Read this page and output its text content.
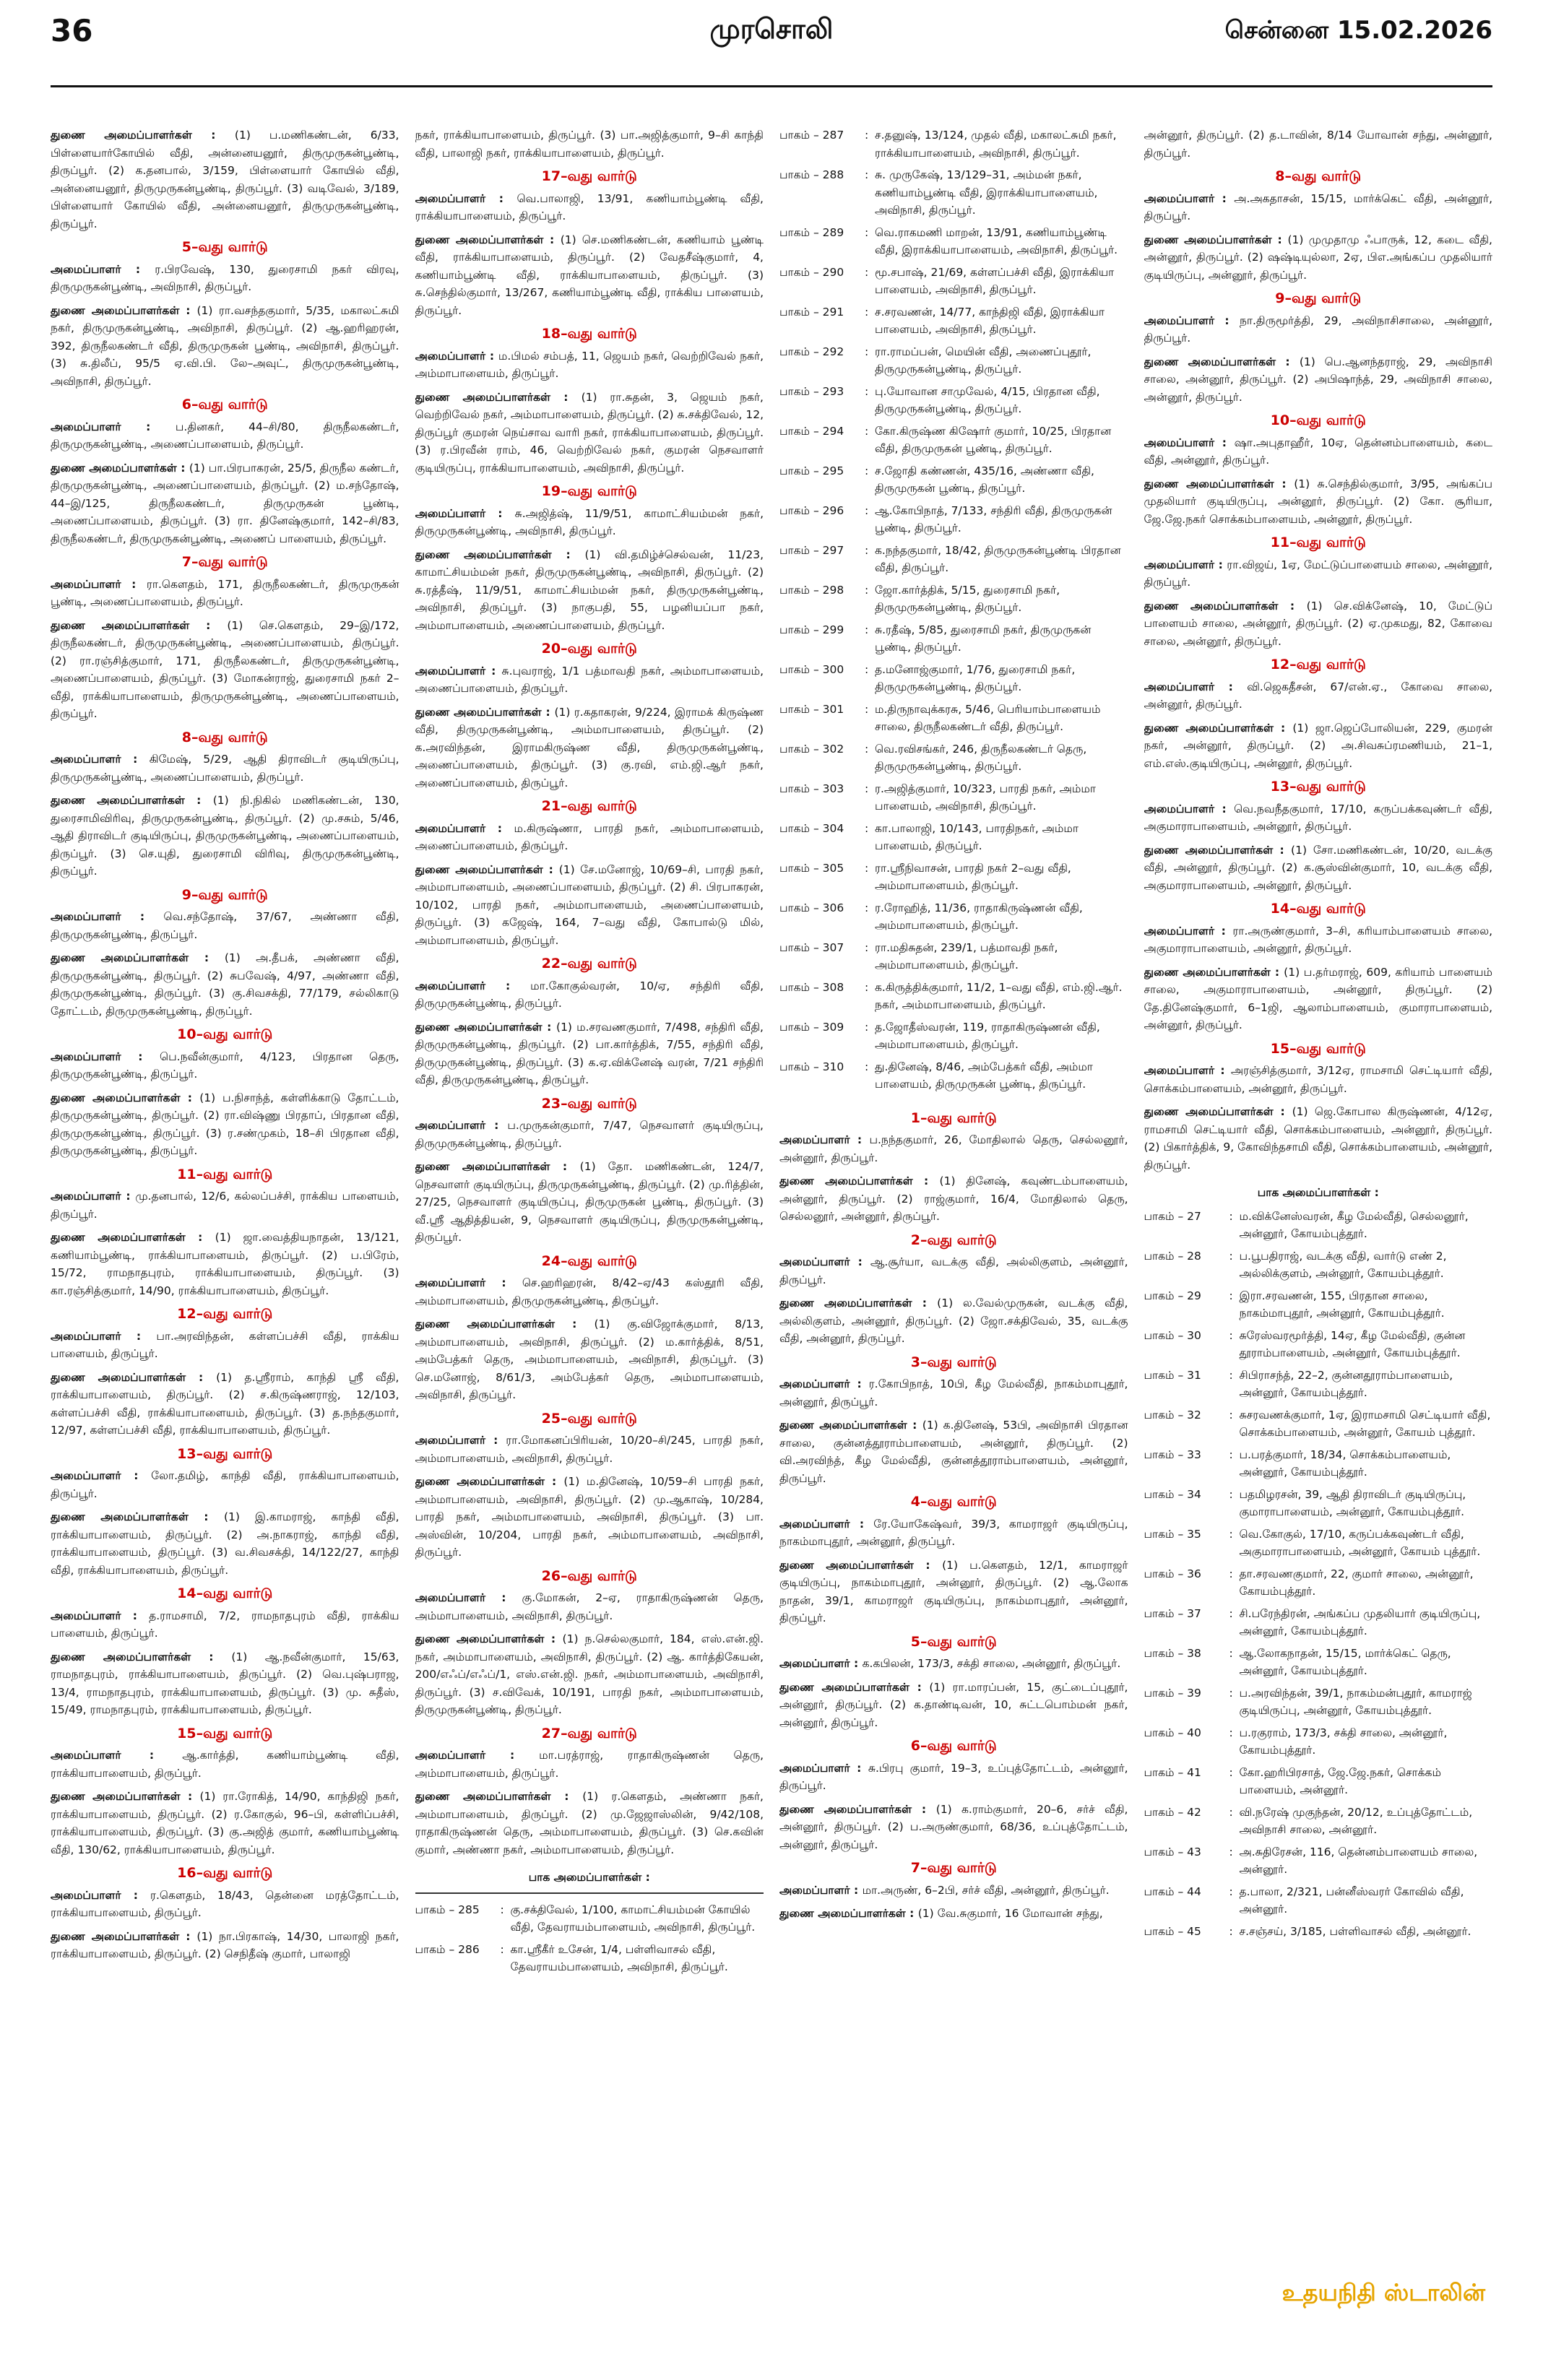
36	முரசொலி	சென்னை 15.02.2026

துணை அமைப்பாளர்கள் : (1) ப.மணிகண்டன், 6/33, பிள்ளையார்கோயில் வீதி, அன்னையனூர், திருமுருகன்பூண்டி, திருப்பூர். (2) க.தனபால், 3/159, பிள்ளையார் கோயில் வீதி, அன்னையனூர், திருமுருகன்பூண்டி, திருப்பூர். (3) வடிவேல், 3/189, பிள்ளையார் கோயில் வீதி, அன்னையனூர், திருமுருகன்பூண்டி, திருப்பூர்.

5–வது வார்டு

அமைப்பாளர் : ர.பிரவேஷ், 130, துரைசாமி நகர் விரவு, திருமுருகன்பூண்டி, அவிநாசி, திருப்பூர்.

துணை அமைப்பாளர்கள் : (1) ரா.வசந்தகுமார், 5/35, மகாலட்சுமி நகர், திருமுருகன்பூண்டி, அவிநாசி, திருப்பூர். (2) ஆ.ஹரிஹரன், 392, திருநீலகண்டர் வீதி, திருமுருகன் பூண்டி, அவிநாசி, திருப்பூர். (3) சு.திலீப், 95/5 ஏ.வி.பி. லே–அவுட், திருமுருகன்பூண்டி, அவிநாசி, திருப்பூர்.

6–வது வார்டு

அமைப்பாளர் : ப.தினகர், 44–சி/80, திருநீலகண்டர், திருமுருகன்பூண்டி, அணைப்பாளையம், திருப்பூர்.

துணை அமைப்பாளர்கள் : (1) பா.பிரபாகரன், 25/5, திருநீல கண்டர், திருமுருகன்பூண்டி, அணைப்பாளையம், திருப்பூர். (2) ம.சந்தோஷ், 44–இ/125, திருநீலகண்டர், திருமுருகன் பூண்டி, அணைப்பாளையம், திருப்பூர். (3) ரா. தினேஷ்குமார், 142–சி/83, திருநீலகண்டர், திருமுருகன்பூண்டி, அணைப் பாளையம், திருப்பூர்.

7–வது வார்டு

அமைப்பாளர் : ரா.கௌதம், 171, திருநீலகண்டர், திருமுருகன் பூண்டி, அணைப்பாளையம், திருப்பூர்.

துணை அமைப்பாளர்கள் : (1) செ.கௌதம், 29–இ/172, திருநீலகண்டர், திருமுருகன்பூண்டி, அணைப்பாளையம், திருப்பூர். (2) ரா.ரஞ்சித்குமார், 171, திருநீலகண்டர், திருமுருகன்பூண்டி, அணைப்பாளையம், திருப்பூர். (3) மோகன்ராஜ், துரைசாமி நகர் 2–வீதி, ராக்கியாபாளையம், திருமுருகன்பூண்டி, அணைப்பாளையம், திருப்பூர்.

8–வது வார்டு

அமைப்பாளர் : கிமேஷ், 5/29, ஆதி திராவிடர் குடியிருப்பு, திருமுருகன்பூண்டி, அணைப்பாளையம், திருப்பூர்.

துணை அமைப்பாளர்கள் : (1) நி.நிகில் மணிகண்டன், 130, துரைசாமிவிரிவு, திருமுருகன்பூண்டி, திருப்பூர். (2) மு.சசும், 5/46, ஆதி திராவிடர் குடியிருப்பு, திருமுருகன்பூண்டி, அணைப்பாளையம், திருப்பூர். (3) செ.யுதி, துரைசாமி விரிவு, திருமுருகன்பூண்டி, திருப்பூர்.

9–வது வார்டு

அமைப்பாளர் : வெ.சந்தோஷ், 37/67, அண்ணா வீதி, திருமுருகன்பூண்டி, திருப்பூர்.

துணை அமைப்பாளர்கள் : (1) அ.தீபக், அண்ணா வீதி, திருமுருகன்பூண்டி, திருப்பூர். (2) சுபவேஷ், 4/97, அண்ணா வீதி, திருமுருகன்பூண்டி, திருப்பூர். (3) கு.சிவசக்தி, 77/179, சல்லிகாடு தோட்டம், திருமுருகன்பூண்டி, திருப்பூர்.

10–வது வார்டு

அமைப்பாளர் : பெ.நவீன்குமார், 4/123, பிரதான தெரு, திருமுருகன்பூண்டி, திருப்பூர்.

துணை அமைப்பாளர்கள் : (1) ப.நிசாந்த், கள்ளிக்காடு தோட்டம், திருமுருகன்பூண்டி, திருப்பூர். (2) ரா.விஷ்ணு பிரதாப், பிரதான வீதி, திருமுருகன்பூண்டி, திருப்பூர். (3) ர.சண்முகம், 18–சி பிரதான வீதி, திருமுருகன்பூண்டி, திருப்பூர்.

11–வது வார்டு

அமைப்பாளர் : மு.தனபால், 12/6, கல்லப்பச்சி, ராக்கிய பாளையம், திருப்பூர்.

துணை அமைப்பாளர்கள் : (1) ஜா.வைத்தியநாதன், 13/121, கணியாம்பூண்டி, ராக்கியாபாளையம், திருப்பூர். (2) ப.பிரேம், 15/72, ராமநாதபுரம், ராக்கியாபாளையம், திருப்பூர். (3) கா.ரஞ்சித்குமார், 14/90, ராக்கியாபாளையம், திருப்பூர்.

12–வது வார்டு

அமைப்பாளர் : பா.அரவிந்தன், கள்ளப்பச்சி வீதி, ராக்கிய பாளையம், திருப்பூர்.

துணை அமைப்பாளர்கள் : (1) த.ஸ்ரீராம், காந்தி ஸ்ரீ வீதி, ராக்கியாபாளையம், திருப்பூர். (2) ச.கிருஷ்ணராஜ், 12/103, கள்ளப்பச்சி வீதி, ராக்கியாபாளையம், திருப்பூர். (3) த.நந்தகுமார், 12/97, கள்ளப்பச்சி வீதி, ராக்கியாபாளையம், திருப்பூர்.

13–வது வார்டு

அமைப்பாளர் : லோ.தமிழ், காந்தி வீதி, ராக்கியாபாளையம், திருப்பூர்.

துணை அமைப்பாளர்கள் : (1) இ.காமராஜ், காந்தி வீதி, ராக்கியாபாளையம், திருப்பூர். (2) அ.நாகராஜ், காந்தி வீதி, ராக்கியாபாளையம், திருப்பூர். (3) வ.சிவசக்தி, 14/122/27, காந்தி வீதி, ராக்கியாபாளையம், திருப்பூர்.

14–வது வார்டு

அமைப்பாளர் : த.ராமசாமி, 7/2, ராமநாதபுரம் வீதி, ராக்கிய பாளையம், திருப்பூர்.

துணை அமைப்பாளர்கள் : (1) ஆ.நவீன்குமார், 15/63, ராமநாதபுரம், ராக்கியாபாளையம், திருப்பூர். (2) வெ.புஷ்பராஜ, 13/4, ராமநாதபுரம், ராக்கியாபாளையம், திருப்பூர். (3) மு. சுதீஸ், 15/49, ராமநாதபுரம், ராக்கியாபாளையம், திருப்பூர்.

15–வது வார்டு

அமைப்பாளர் : ஆ.கார்த்தி, கணியாம்பூண்டி வீதி, ராக்கியாபாளையம், திருப்பூர்.

துணை அமைப்பாளர்கள் : (1) ரா.ரோகித், 14/90, காந்திஜி நகர், ராக்கியாபாளையம், திருப்பூர். (2) ர.கோகுல், 96–பி, கள்ளிப்பச்சி, ராக்கியாபாளையம், திருப்பூர். (3) கு.அஜித் குமார், கணியாம்பூண்டி வீதி, 130/62, ராக்கியாபாளையம், திருப்பூர்.

16–வது வார்டு

அமைப்பாளர் : ர.கௌதம், 18/43, தென்னை மரத்தோட்டம், ராக்கியாபாளையம், திருப்பூர்.

துணை அமைப்பாளர்கள் : (1) நா.பிரகாஷ், 14/30, பாலாஜி நகர், ராக்கியாபாளையம், திருப்பூர். (2) செநிதீஷ் குமார், பாலாஜி

நகர், ராக்கியாபாளையம், திருப்பூர். (3) பா.அஜித்குமார், 9–சி காந்தி வீதி, பாலாஜி நகர், ராக்கியாபாளையம், திருப்பூர்.

17–வது வார்டு

அமைப்பாளர் : வெ.பாலாஜி, 13/91, கணியாம்பூண்டி வீதி, ராக்கியாபாளையம், திருப்பூர்.

துணை அமைப்பாளர்கள் : (1) செ.மணிகண்டன், கணியாம் பூண்டி வீதி, ராக்கியாபாளையம், திருப்பூர். (2) வேதசீஷ்குமார், 4, கணியாம்பூண்டி வீதி, ராக்கியாபாளையம், திருப்பூர். (3) சு.செந்தில்குமார், 13/267, கணியாம்பூண்டி வீதி, ராக்கிய பாளையம், திருப்பூர்.

18–வது வார்டு

அமைப்பாளர் : ம.பிமல் சம்பத், 11, ஜெயம் நகர், வெற்றிவேல் நகர், அம்மாபாளையம், திருப்பூர்.

துணை அமைப்பாளர்கள் : (1) ரா.சுதன், 3, ஜெயம் நகர், வெற்றிவேல் நகர், அம்மாபாளையம், திருப்பூர். (2) சு.சக்திவேல், 12, திருப்பூர் குமரன் நெய்சாவ வாரி நகர், ராக்கியாபாளையம், திருப்பூர். (3) ர.பிரவீன் ராம், 46, வெற்றிவேல் நகர், குமரன் நெசவாளர் குடியிருப்பு, ராக்கியாபாளையம், அவிநாசி, திருப்பூர்.

19–வது வார்டு

அமைப்பாளர் : சு.அஜித்ஷ், 11/9/51, காமாட்சியம்மன் நகர், திருமுருகன்பூண்டி, அவிநாசி, திருப்பூர்.

துணை அமைப்பாளர்கள் : (1) வி.தமிழ்ச்செல்வன், 11/23, காமாட்சியம்மன் நகர், திருமுருகன்பூண்டி, அவிநாசி, திருப்பூர். (2) சு.ரத்தீஷ், 11/9/51, காமாட்சியம்மன் நகர், திருமுருகன்பூண்டி, அவிநாசி, திருப்பூர். (3) நாகுபதி, 55, பழனியப்பா நகர், அம்மாபாளையம், அணைப்பாளையம், திருப்பூர்.

20–வது வார்டு

அமைப்பாளர் : சு.புவராஜ், 1/1 பத்மாவதி நகர், அம்மாபாளையம், அணைப்பாளையம், திருப்பூர்.

துணை அமைப்பாளர்கள் : (1) ர.கதாகரன், 9/224, இராமக் கிருஷ்ண வீதி, திருமுருகன்பூண்டி, அம்மாபாளையம், திருப்பூர். (2) க.அரவிந்தன், இராமகிருஷ்ண வீதி, திருமுருகன்பூண்டி, அணைப்பாளையம், திருப்பூர். (3) கு.ரவி, எம்.ஜி.ஆர் நகர், அணைப்பாளையம், திருப்பூர்.

21–வது வார்டு

அமைப்பாளர் : ம.கிருஷ்ணா, பாரதி நகர், அம்மாபாளையம், அணைப்பாளையம், திருப்பூர்.

துணை அமைப்பாளர்கள் : (1) சே.மனோஜ், 10/69–சி, பாரதி நகர், அம்மாபாளையம், அணைப்பாளையம், திருப்பூர். (2) சி. பிரபாகரன், 10/102, பாரதி நகர், அம்மாபாளையம், அணைப்பாளையம், திருப்பூர். (3) கஜேஷ், 164, 7–வது வீதி, கோபால்டு மில், அம்மாபாளையம், திருப்பூர்.

22–வது வார்டு

அமைப்பாளர் : மா.கோகுல்வரன், 10/ஏ, சந்திரி வீதி, திருமுருகன்பூண்டி, திருப்பூர்.

துணை அமைப்பாளர்கள் : (1) ம.சரவணகுமார், 7/498, சந்திரி வீதி, திருமுருகன்பூண்டி, திருப்பூர். (2) பா.கார்த்திக், 7/55, சந்திரி வீதி, திருமுருகன்பூண்டி, திருப்பூர். (3) க.ஏ.விக்னேஷ் வரன், 7/21 சந்திரி வீதி, திருமுருகன்பூண்டி, திருப்பூர்.

23–வது வார்டு

அமைப்பாளர் : ப.முருகன்குமார், 7/47, நெசவாளர் குடியிருப்பு, திருமுருகன்பூண்டி, திருப்பூர்.

துணை அமைப்பாளர்கள் : (1) தோ. மணிகண்டன், 124/7, நெசவாளர் குடியிருப்பு, திருமுருகன்பூண்டி, திருப்பூர். (2) மு.ரித்தின், 27/25, நெசவாளர் குடியிருப்பு, திருமுருகன் பூண்டி, திருப்பூர். (3) வீ.ஸ்ரீ ஆதித்தியன், 9, நெசவாளர் குடியிருப்பு, திருமுருகன்பூண்டி, திருப்பூர்.

24–வது வார்டு

அமைப்பாளர் : செ.ஹரிஹரன், 8/42–ஏ/43 கஸ்தூரி வீதி, அம்மாபாளையம், திருமுருகன்பூண்டி, திருப்பூர்.

துணை அமைப்பாளர்கள் : (1) கு.விஜோக்குமார், 8/13, அம்மாபாளையம், அவிநாசி, திருப்பூர். (2) ம.கார்த்திக், 8/51, அம்பேத்கர் தெரு, அம்மாபாளையம், அவிநாசி, திருப்பூர். (3) செ.மனோஜ், 8/61/3, அம்பேத்கர் தெரு, அம்மாபாளையம், அவிநாசி, திருப்பூர்.

25–வது வார்டு

அமைப்பாளர் : ரா.மோகனப்பிரியன், 10/20–சி/245, பாரதி நகர், அம்மாபாளையம், அவிநாசி, திருப்பூர்.

துணை அமைப்பாளர்கள் : (1) ம.தினேஷ், 10/59–சி பாரதி நகர், அம்மாபாளையம், அவிநாசி, திருப்பூர். (2) மு.ஆகாஷ், 10/284, பாரதி நகர், அம்மாபாளையம், அவிநாசி, திருப்பூர். (3) பா. அஸ்வின், 10/204, பாரதி நகர், அம்மாபாளையம், அவிநாசி, திருப்பூர்.

26–வது வார்டு

அமைப்பாளர் : கு.மோகன், 2–ஏ, ராதாகிருஷ்ணன் தெரு, அம்மாபாளையம், அவிநாசி, திருப்பூர்.

துணை அமைப்பாளர்கள் : (1) ந.செல்லகுமார், 184, எஸ்.என்.ஜி. நகர், அம்மாபாளையம், அவிநாசி, திருப்பூர். (2) ஆ. கார்த்திகேயன், 200/எஃப்/எஃப்/1, எஸ்.என்.ஜி. நகர், அம்மாபாளையம், அவிநாசி, திருப்பூர். (3) ச.விவேக், 10/191, பாரதி நகர், அம்மாபாளையம், திருமுருகன்பூண்டி, திருப்பூர்.

27–வது வார்டு

அமைப்பாளர் : மா.பரத்ராஜ், ராதாகிருஷ்ணன் தெரு, அம்மாபாளையம், திருப்பூர்.

துணை அமைப்பாளர்கள் : (1) ர.கௌதம், அண்ணா நகர், அம்மாபாளையம், திருப்பூர். (2) மு.ஜேஜாஸ்லின், 9/42/108, ராதாகிருஷ்ணன் தெரு, அம்மாபாளையம், திருப்பூர். (3) செ.கவின் குமார், அண்ணா நகர், அம்மாபாளையம், திருப்பூர்.

பாக அமைப்பாளர்கள் :
பாகம் – 285	: கு.சக்திவேல், 1/100, காமாட்சியம்மன் கோயில் வீதி, தேவராயம்பாளையம், அவிநாசி, திருப்பூர்.
பாகம் – 286	: கா.ஸ்ரீகீர் உசேன், 1/4, பள்ளிவாசல் வீதி, தேவராயம்பாளையம், அவிநாசி, திருப்பூர்.
பாகம் – 287	: ச.தனுஷ், 13/124, முதல் வீதி, மகாலட்சுமி நகர், ராக்கியாபாளையம், அவிநாசி, திருப்பூர்.
பாகம் – 288	: சு. முருகேஷ், 13/129–31, அம்மன் நகர், கணியாம்பூண்டி வீதி, இராக்கியாபாளையம், அவிநாசி, திருப்பூர்.
பாகம் – 289	: வெ.ராகமணி மாறன், 13/91, கணியாம்பூண்டி வீதி, இராக்கியாபாளையம், அவிநாசி, திருப்பூர்.
பாகம் – 290	: மூ.சபாஷ், 21/69, கள்ளப்பச்சி வீதி, இராக்கியா பாளையம், அவிநாசி, திருப்பூர்.
பாகம் – 291	: ச.சரவணன், 14/77, காந்திஜி வீதி, இராக்கியா பாளையம், அவிநாசி, திருப்பூர்.
பாகம் – 292	: ரா.ராமப்பன், மெயின் வீதி, அணைப்புதூர், திருமுருகன்பூண்டி, திருப்பூர்.
பாகம் – 293	: பு.யோவான சாமுவேல், 4/15, பிரதான வீதி, திருமுருகன்பூண்டி, திருப்பூர்.
பாகம் – 294	: கோ.கிருஷ்ண கிஷோர் குமார், 10/25, பிரதான வீதி, திருமுருகன் பூண்டி, திருப்பூர்.
பாகம் – 295	: ச.ஜோதி கண்ணன், 435/16, அண்ணா வீதி, திருமுருகன் பூண்டி, திருப்பூர்.
பாகம் – 296	: ஆ.கோபிநாத், 7/133, சந்திரி வீதி, திருமுருகன் பூண்டி, திருப்பூர்.
பாகம் – 297	: க.நந்தகுமார், 18/42, திருமுருகன்பூண்டி பிரதான வீதி, திருப்பூர்.
பாகம் – 298	: ஜோ.கார்த்திக், 5/15, துரைசாமி நகர், திருமுருகன்பூண்டி, திருப்பூர்.
பாகம் – 299	: சு.ரதீஷ், 5/85, துரைசாமி நகர், திருமுருகன் பூண்டி, திருப்பூர்.
பாகம் – 300	: த.மனோஜ்குமார், 1/76, துரைசாமி நகர், திருமுருகன்பூண்டி, திருப்பூர்.
பாகம் – 301	: ம.திருநாவுக்கரசு, 5/46, பெரியாம்பாளையம் சாலை, திருநீலகண்டர் வீதி, திருப்பூர்.
பாகம் – 302	: வெ.ரவிசங்கர், 246, திருநீலகண்டர் தெரு, திருமுருகன்பூண்டி, திருப்பூர்.
பாகம் – 303	: ர.அஜித்குமார், 10/323, பாரதி நகர், அம்மா பாளையம், அவிநாசி, திருப்பூர்.
பாகம் – 304	: கா.பாலாஜி, 10/143, பாரதிநகர், அம்மா பாளையம், திருப்பூர்.
பாகம் – 305	: ரா.ஸ்ரீநிவாசன், பாரதி நகர் 2–வது வீதி, அம்மாபாளையம், திருப்பூர்.
பாகம் – 306	: ர.ரோஹித், 11/36, ராதாகிருஷ்ணன் வீதி, அம்மாபாளையம், திருப்பூர்.
பாகம் – 307	: ரா.மதிசுதன், 239/1, பத்மாவதி நகர், அம்மாபாளையம், திருப்பூர்.
பாகம் – 308	: க.கிருத்திக்குமார், 11/2, 1–வது வீதி, எம்.ஜி.ஆர். நகர், அம்மாபாளையம், திருப்பூர்.
பாகம் – 309	: த.ஜோதீஸ்வரன், 119, ராதாகிருஷ்ணன் வீதி, அம்மாபாளையம், திருப்பூர்.
பாகம் – 310	: து.தினேஷ், 8/46, அம்பேத்கர் வீதி, அம்மா பாளையம், திருமுருகன் பூண்டி, திருப்பூர்.
1–வது வார்டு

அமைப்பாளர் : ப.நந்தகுமார், 26, மோதிலால் தெரு, செல்லனூர், அன்னூர், திருப்பூர்.

துணை அமைப்பாளர்கள் : (1) தினேஷ், கவுண்டம்பாளையம், அன்னூர், திருப்பூர். (2) ராஜ்குமார், 16/4, மோதிலால் தெரு, செல்லனூர், அன்னூர், திருப்பூர்.

2–வது வார்டு

அமைப்பாளர் : ஆ.சூர்யா, வடக்கு வீதி, அல்லிகுளம், அன்னூர், திருப்பூர்.

துணை அமைப்பாளர்கள் : (1) ல.வேல்முருகன், வடக்கு வீதி, அல்லிகுளம், அன்னூர், திருப்பூர். (2) ஜோ.சக்திவேல், 35, வடக்கு வீதி, அன்னூர், திருப்பூர்.

3–வது வார்டு

அமைப்பாளர் : ர.கோபிநாத், 10பி, கீழ மேல்வீதி, நாகம்மாபுதூர், அன்னூர், திருப்பூர்.

துணை அமைப்பாளர்கள் : (1) க.தினேஷ், 53பி, அவிநாசி பிரதான சாலை, குன்னத்தூராம்பாளையம், அன்னூர், திருப்பூர். (2) வி.அரவிந்த், கீழ மேல்வீதி, குன்னத்தூராம்பாளையம், அன்னூர், திருப்பூர்.

4–வது வார்டு

அமைப்பாளர் : ரே.யோகேஷ்வர், 39/3, காமராஜர் குடியிருப்பு, நாகம்மாபுதூர், அன்னூர், திருப்பூர்.

துணை அமைப்பாளர்கள் : (1) ப.கௌதம், 12/1, காமராஜர் குடியிருப்பு, நாகம்மாபுதூர், அன்னூர், திருப்பூர். (2) ஆ.லோக நாதன், 39/1, காமராஜர் குடியிருப்பு, நாகம்மாபுதூர், அன்னூர், திருப்பூர்.

5–வது வார்டு

அமைப்பாளர் : க.கபிலன், 173/3, சக்தி சாலை, அன்னூர், திருப்பூர்.

துணை அமைப்பாளர்கள் : (1) ரா.மாரப்பன், 15, குட்டைப்புதூர், அன்னூர், திருப்பூர். (2) க.தாண்டிவன், 10, சுட்டபொம்மன் நகர், அன்னூர், திருப்பூர்.

6–வது வார்டு

அமைப்பாளர் : சு.பிரபு குமார், 19–3, உப்புத்தோட்டம், அன்னூர், திருப்பூர்.

துணை அமைப்பாளர்கள் : (1) க.ராம்குமார், 20–6, சர்ச் வீதி, அன்னூர், திருப்பூர். (2) ப.அருண்குமார், 68/36, உப்புத்தோட்டம், அன்னூர், திருப்பூர்.

7–வது வார்டு

அமைப்பாளர் : மா.அருண், 6–2பி, சர்ச் வீதி, அன்னூர், திருப்பூர்.

துணை அமைப்பாளர்கள் : (1) வே.சுகுமார், 16 மோவான் சந்து,

அன்னூர், திருப்பூர். (2) த.டாவின், 8/14 யோவான் சந்து, அன்னூர், திருப்பூர்.

8–வது வார்டு

அமைப்பாளர் : அ.அகதாசன், 15/15, மார்க்கெட் வீதி, அன்னூர், திருப்பூர்.

துணை அமைப்பாளர்கள் : (1) முமுதாமு ஃபாருக், 12, கடை வீதி, அன்னூர், திருப்பூர். (2) ஷஷ்டியுல்லா, 2ஏ, பிஎ.அங்கப்ப முதலியார் குடியிருப்பு, அன்னூர், திருப்பூர்.

9–வது வார்டு

அமைப்பாளர் : நா.திருமூர்த்தி, 29, அவிநாசிசாலை, அன்னூர், திருப்பூர்.

துணை அமைப்பாளர்கள் : (1) பெ.ஆனந்தராஜ், 29, அவிநாசி சாலை, அன்னூர், திருப்பூர். (2) அபிஷாந்த், 29, அவிநாசி சாலை, அன்னூர், திருப்பூர்.

10–வது வார்டு

அமைப்பாளர் : ஷா.அபுதாஹீர், 10ஏ, தென்னம்பாளையம், கடை வீதி, அன்னூர், திருப்பூர்.

துணை அமைப்பாளர்கள் : (1) சு.செந்தில்குமார், 3/95, அங்கப்ப முதலியார் குடியிருப்பு, அன்னூர், திருப்பூர். (2) கோ. சூரியா, ஜே.ஜே.நகர் சொக்கம்பாளையம், அன்னூர், திருப்பூர்.

11–வது வார்டு

அமைப்பாளர் : ரா.விஜய், 1ஏ, மேட்டுப்பாளையம் சாலை, அன்னூர், திருப்பூர்.

துணை அமைப்பாளர்கள் : (1) செ.விக்னேஷ், 10, மேட்டுப் பாளையம் சாலை, அன்னூர், திருப்பூர். (2) ஏ.முகமது, 82, கோவை சாலை, அன்னூர், திருப்பூர்.

12–வது வார்டு

அமைப்பாளர் : வி.ஜெகதீசன், 67/என்.ஏ., கோவை சாலை, அன்னூர், திருப்பூர்.

துணை அமைப்பாளர்கள் : (1) ஜா.ஜெப்போலியன், 229, குமரன் நகர், அன்னூர், திருப்பூர். (2) அ.சிவசுப்ரமணியம், 21–1, எம்.எஸ்.குடியிருப்பு, அன்னூர், திருப்பூர்.

13–வது வார்டு

அமைப்பாளர் : வெ.நவநீதகுமார், 17/10, கருப்பக்கவுண்டர் வீதி, அகுமாராபாளையம், அன்னூர், திருப்பூர்.

துணை அமைப்பாளர்கள் : (1) சோ.மணிகண்டன், 10/20, வடக்கு வீதி, அன்னூர், திருப்பூர். (2) க.சூஸ்வின்குமார், 10, வடக்கு வீதி, அகுமாராபாளையம், அன்னூர், திருப்பூர்.

14–வது வார்டு

அமைப்பாளர் : ரா.அருண்குமார், 3–சி, கரியாம்பாளையம் சாலை, அகுமாராபாளையம், அன்னூர், திருப்பூர்.

துணை அமைப்பாளர்கள் : (1) ப.தர்மராஜ், 609, கரியாம் பாளையம் சாலை, அகுமாராபாளையம், அன்னூர், திருப்பூர். (2) தே.தினேஷ்குமார், 6–1ஜி, ஆலாம்பாளையம், குமாராபாளையம், அன்னூர், திருப்பூர்.

15–வது வார்டு

அமைப்பாளர் : அரஞ்சித்குமார், 3/12ஏ, ராமசாமி செட்டியார் வீதி, சொக்கம்பாளையம், அன்னூர், திருப்பூர்.

துணை அமைப்பாளர்கள் : (1) ஜெ.கோபால கிருஷ்ணன், 4/12ஏ, ராமசாமி செட்டியார் வீதி, சொக்கம்பாளையம், அன்னூர், திருப்பூர். (2) பிகார்த்திக், 9, கோவிந்தசாமி வீதி, சொக்கம்பாளையம், அன்னூர், திருப்பூர்.

பாக அமைப்பாளர்கள் :
பாகம் – 27	: ம.விக்னேஸ்வரன், கீழ மேல்வீதி, செல்லனூர், அன்னூர், கோயம்புத்தூர்.
பாகம் – 28	: ப.பூபதிராஜ், வடக்கு வீதி, வார்டு எண் 2, அல்லிக்குளம், அன்னூர், கோயம்புத்தூர்.
பாகம் – 29	: இரா.சரவணன், 155, பிரதான சாலை, நாகம்மாபுதூர், அன்னூர், கோயம்புத்தூர்.
பாகம் – 30	: சுரேஸ்வரமூர்த்தி, 14ஏ, கீழ மேல்வீதி, குன்ன தூராம்பாளையம், அன்னூர், கோயம்புத்தூர்.
பாகம் – 31	: சிபிராசந்த், 22–2, குன்னதூராம்பாளையம், அன்னூர், கோயம்புத்தூர்.
பாகம் – 32	: சுசரவணக்குமார், 1ஏ, இராமசாமி செட்டியார் வீதி, சொக்கம்பாளையம், அன்னூர், கோயம் புத்தூர்.
பாகம் – 33	: ப.பரத்குமார், 18/34, சொக்கம்பாளையம், அன்னூர், கோயம்புத்தூர்.
பாகம் – 34	: பதமிழரசன், 39, ஆதி திராவிடர் குடியிருப்பு, குமாராபாளையம், அன்னூர், கோயம்புத்தூர்.
பாகம் – 35	: வெ.கோகுல், 17/10, கருப்பக்கவுண்டர் வீதி, அகுமாராபாளையம், அன்னூர், கோயம் புத்தூர்.
பாகம் – 36	: தா.சரவணகுமார், 22, குமார் சாலை, அன்னூர், கோயம்புத்தூர்.
பாகம் – 37	: சி.பரேந்திரன், அங்கப்ப முதலியார் குடியிருப்பு, அன்னூர், கோயம்புத்தூர்.
பாகம் – 38	: ஆ.லோகநாதன், 15/15, மார்க்கெட் தெரு, அன்னூர், கோயம்புத்தூர்.
பாகம் – 39	: ப.அரவிந்தன், 39/1, நாகம்மன்புதூர், காமராஜ் குடியிருப்பு, அன்னூர், கோயம்புத்தூர்.
பாகம் – 40	: ப.ரகுராம், 173/3, சக்தி சாலை, அன்னூர், கோயம்புத்தூர்.
பாகம் – 41	: கோ.ஹரிபிரசாத், ஜே.ஜே.நகர், சொக்கம் பாளையம், அன்னூர்.
பாகம் – 42	: வி.நரேஷ் முகுந்தன், 20/12, உப்புத்தோட்டம், அவிநாசி சாலை, அன்னூர்.
பாகம் – 43	: அ.சுதிரேசன், 116, தென்னம்பாளையம் சாலை, அன்னூர்.
பாகம் – 44	: த.பாலா, 2/321, பன்னீஸ்வரர் கோவில் வீதி, அன்னூர்.
பாகம் – 45	: ச.சஞ்சய், 3/185, பள்ளிவாசல் வீதி, அன்னூர்.
உதயநிதி ஸ்டாலின்
